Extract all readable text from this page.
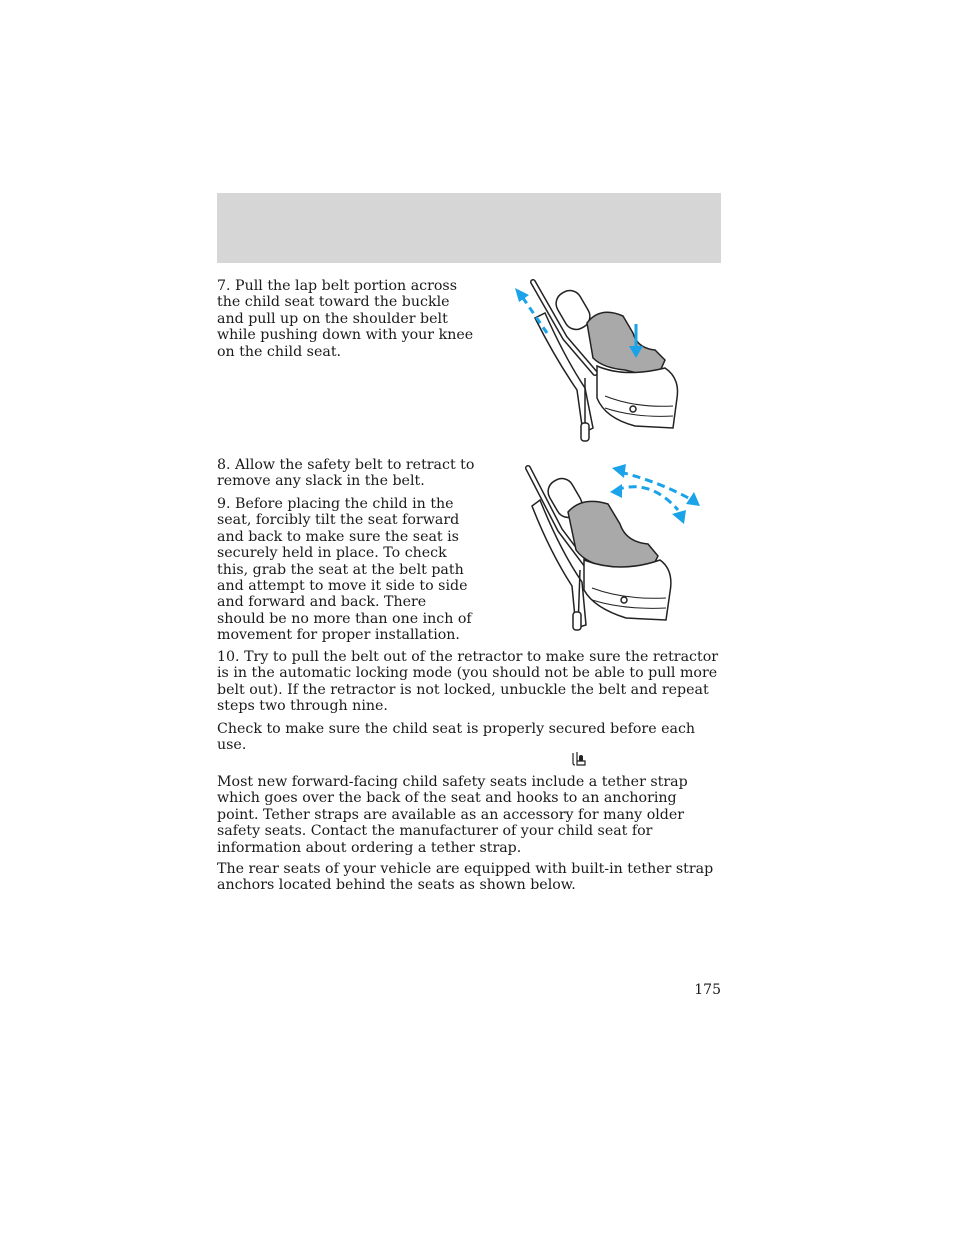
7. Pull the lap belt portion across the child seat toward the buckle and pull up on the shoulder belt while pushing down with your knee on the child seat.

8. Allow the safety belt to retract to remove any slack in the belt.

9. Before placing the child in the seat, forcibly tilt the seat forward and back to make sure the seat is securely held in place. To check this, grab the seat at the belt path and attempt to move it side to side and forward and back. There should be no more than one inch of movement for proper installation.

10. Try to pull the belt out of the retractor to make sure the retractor is in the automatic locking mode (you should not be able to pull more belt out). If the retractor is not locked, unbuckle the belt and repeat steps two through nine.

Check to make sure the child seat is properly secured before each use.

Most new forward-facing child safety seats include a tether strap which goes over the back of the seat and hooks to an anchoring point. Tether straps are available as an accessory for many older safety seats. Contact the manufacturer of your child seat for information about ordering a tether strap.

The rear seats of your vehicle are equipped with built-in tether strap anchors located behind the seats as shown below.

175
